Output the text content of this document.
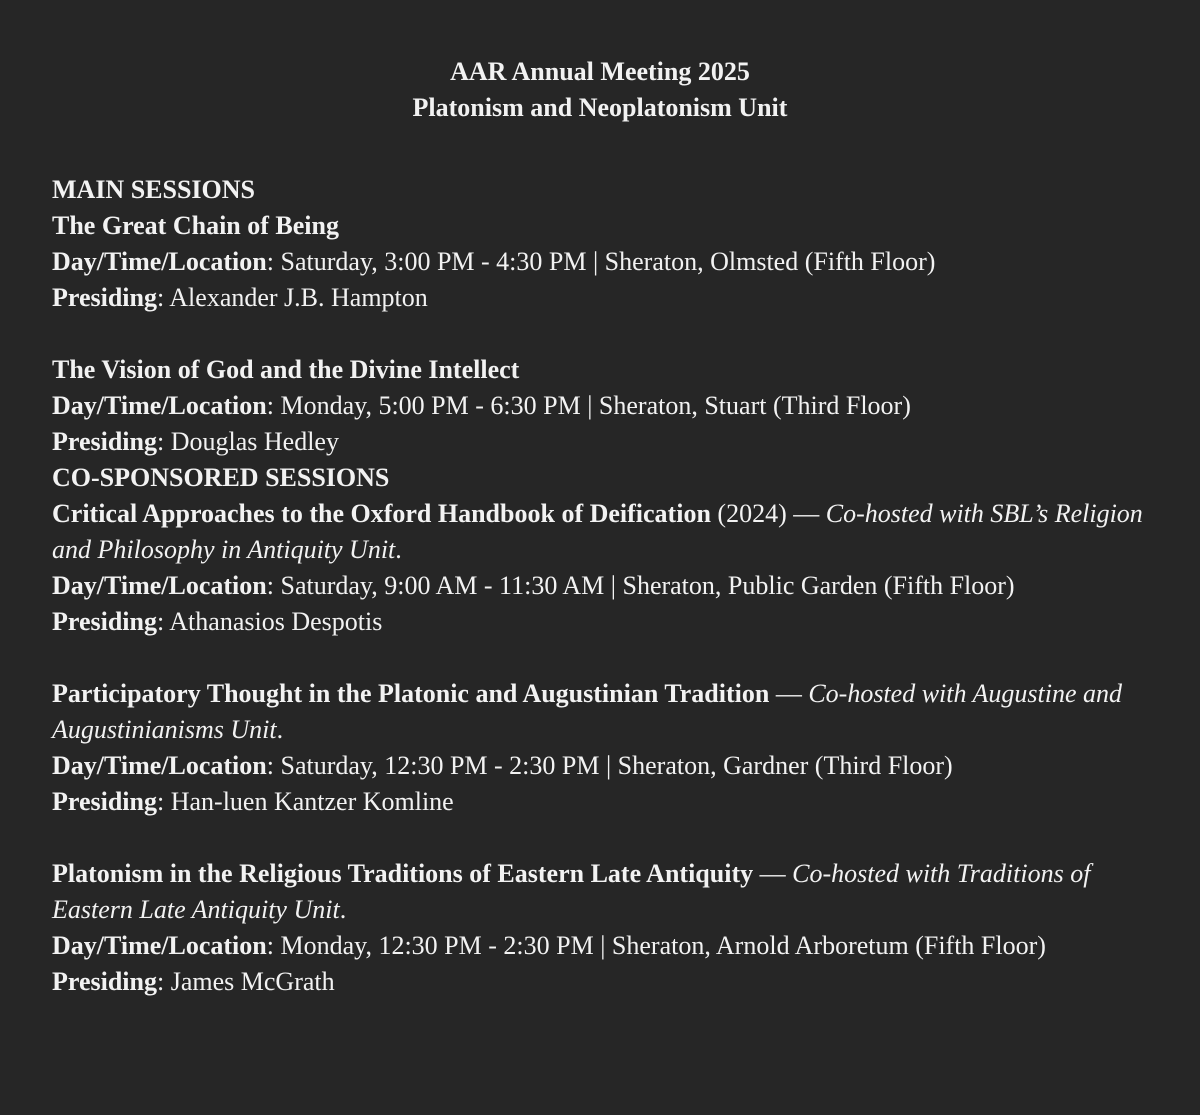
AAR Annual Meeting 2025
Platonism and Neoplatonism Unit
MAIN SESSIONS
The Great Chain of Being
Day/Time/Location: Saturday, 3:00 PM - 4:30 PM | Sheraton, Olmsted (Fifth Floor)
Presiding: Alexander J.B. Hampton
The Vision of God and the Divine Intellect
Day/Time/Location: Monday, 5:00 PM - 6:30 PM | Sheraton, Stuart (Third Floor)
Presiding: Douglas Hedley
CO-SPONSORED SESSIONS
Critical Approaches to the Oxford Handbook of Deification (2024) — Co-hosted with SBL’s Religion and Philosophy in Antiquity Unit.
Day/Time/Location: Saturday, 9:00 AM - 11:30 AM | Sheraton, Public Garden (Fifth Floor)
Presiding: Athanasios Despotis
Participatory Thought in the Platonic and Augustinian Tradition — Co-hosted with Augustine and Augustinianisms Unit.
Day/Time/Location: Saturday, 12:30 PM - 2:30 PM | Sheraton, Gardner (Third Floor)
Presiding: Han-luen Kantzer Komline
Platonism in the Religious Traditions of Eastern Late Antiquity — Co-hosted with Traditions of Eastern Late Antiquity Unit.
Day/Time/Location: Monday, 12:30 PM - 2:30 PM | Sheraton, Arnold Arboretum (Fifth Floor)
Presiding: James McGrath
